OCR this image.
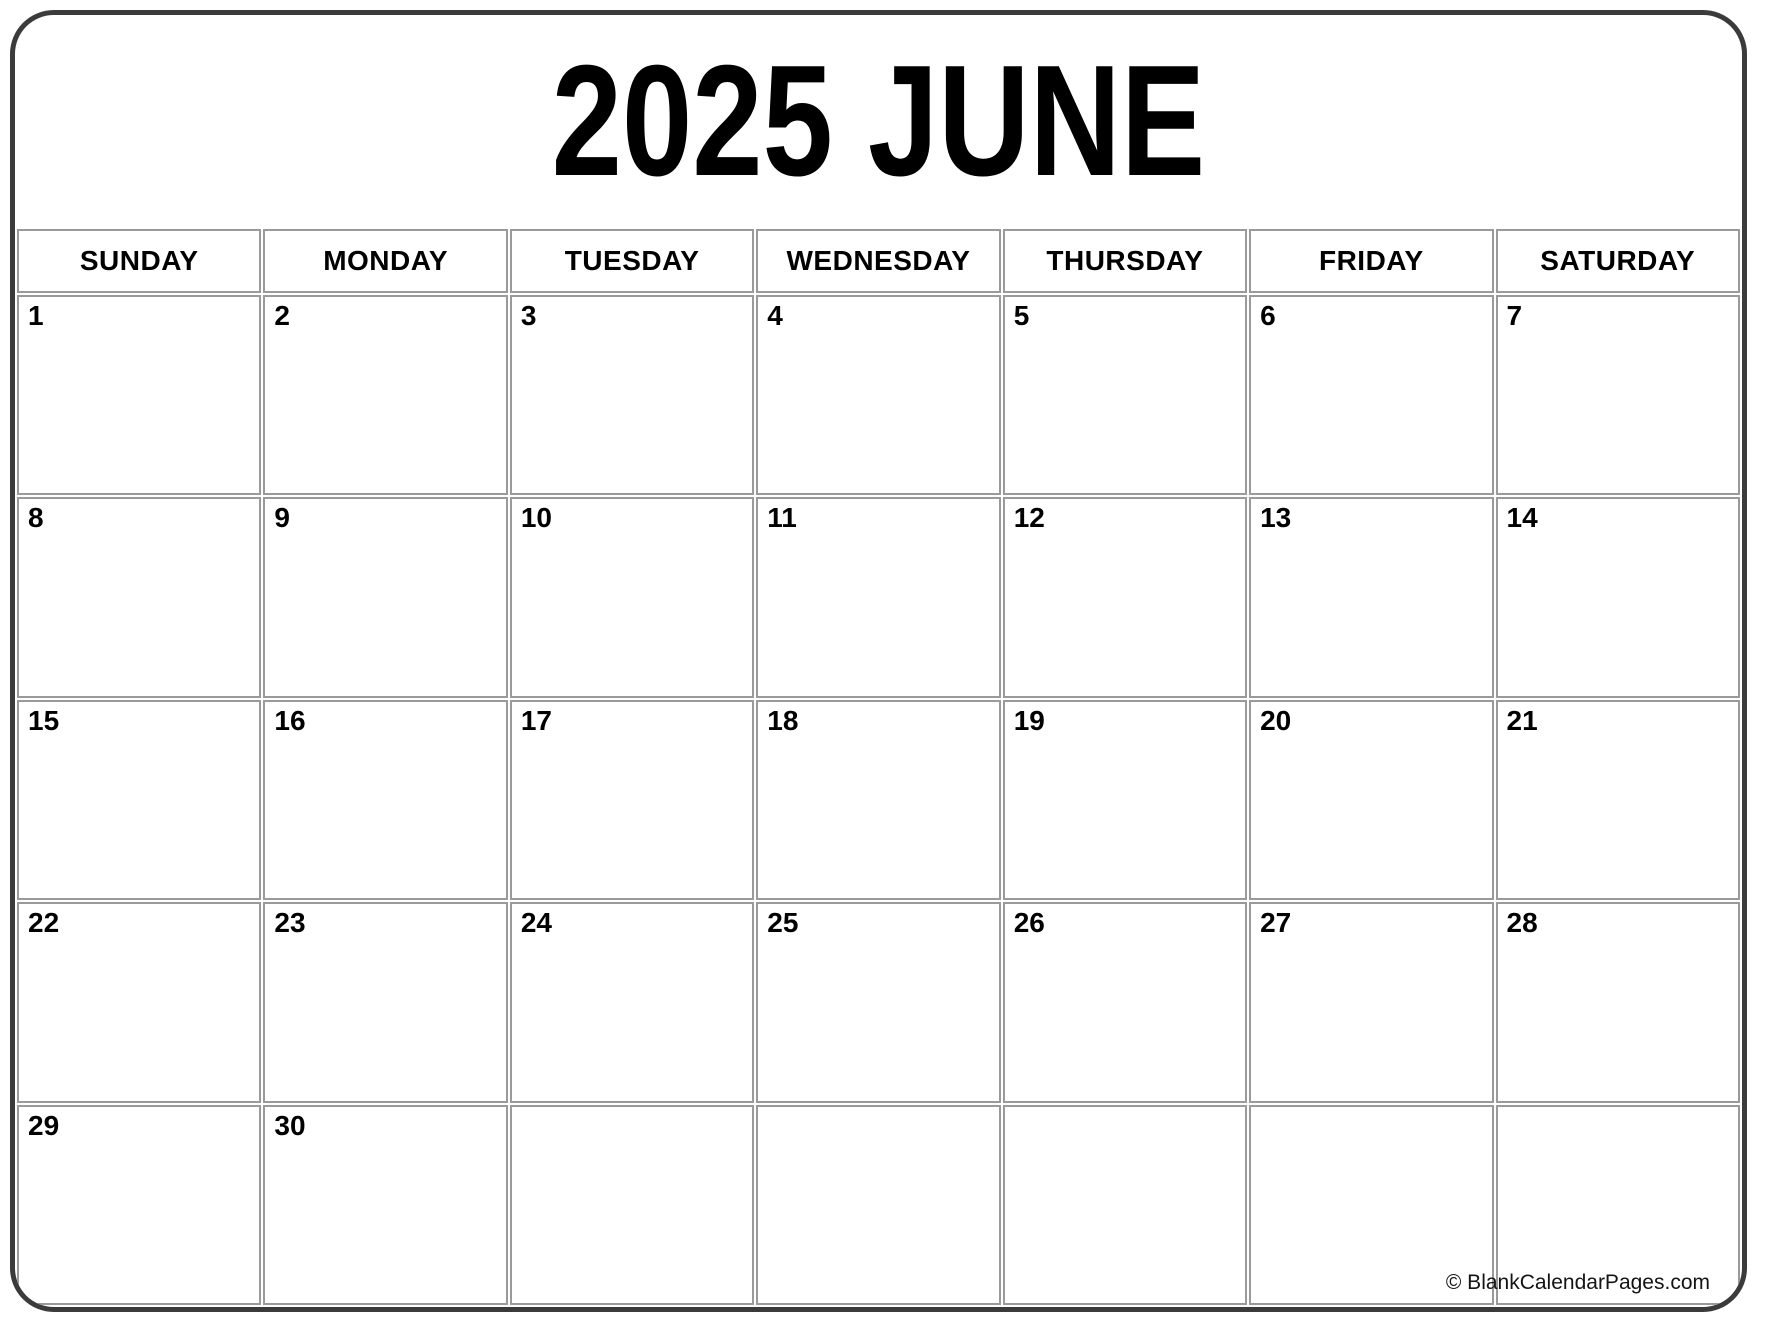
2025 JUNE
SUNDAY	MONDAY	TUESDAY	WEDNESDAY	THURSDAY	FRIDAY	SATURDAY
1	2	3	4	5	6	7
8	9	10	11	12	13	14
15	16	17	18	19	20	21
22	23	24	25	26	27	28
29	30					© BlankCalendarPages.com
